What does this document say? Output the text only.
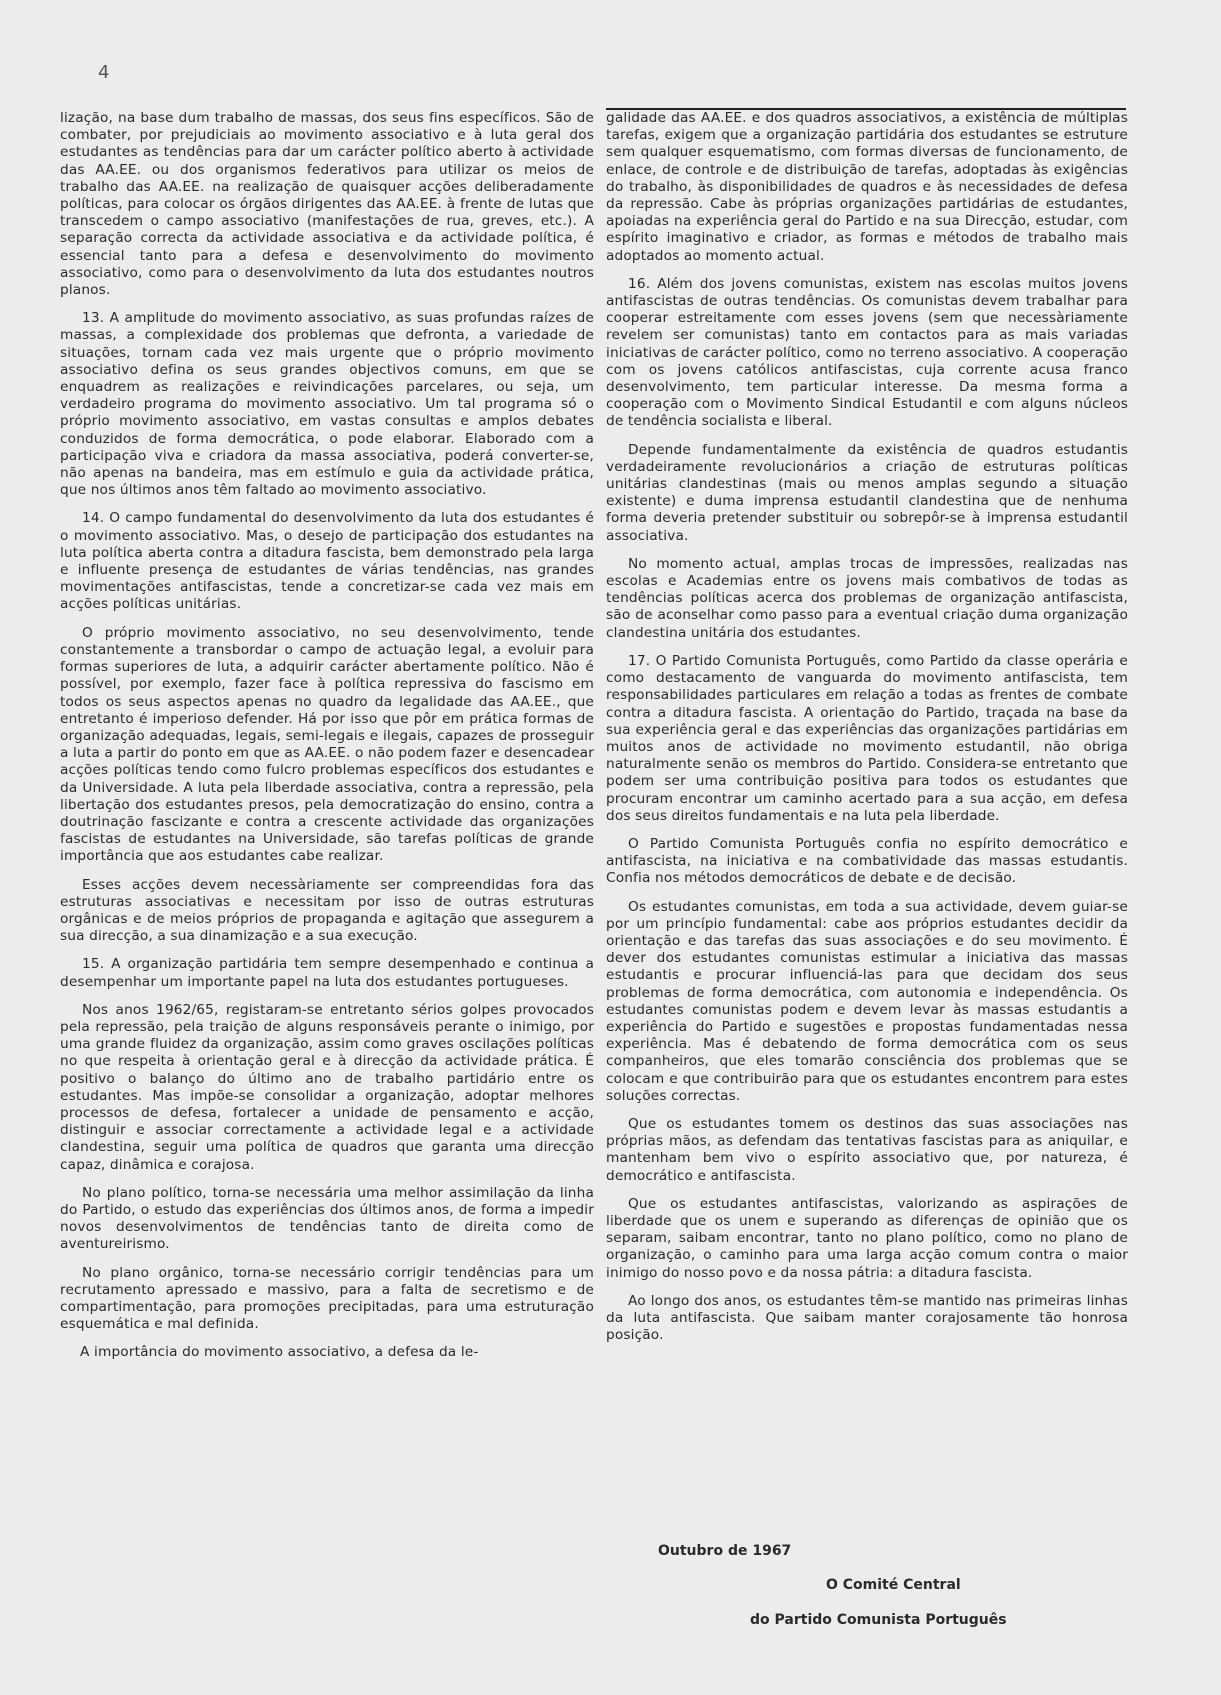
4

lização, na base dum trabalho de massas, dos seus fins específicos. São de combater, por prejudiciais ao movimento associativo e à luta geral dos estudantes as tendências para dar um carácter político aberto à actividade das AA.EE. ou dos organismos federativos para utilizar os meios de trabalho das AA.EE. na realização de quaisquer acções deliberadamente políticas, para colocar os órgãos dirigentes das AA.EE. à frente de lutas que transcedem o campo associativo (manifestações de rua, greves, etc.). A separação correcta da actividade associativa e da actividade política, é essencial tanto para a defesa e desenvolvimento do movimento associativo, como para o desenvolvimento da luta dos estudantes noutros planos.

13. A amplitude do movimento associativo, as suas profundas raízes de massas, a complexidade dos problemas que defronta, a variedade de situações, tornam cada vez mais urgente que o próprio movimento associativo defina os seus grandes objectivos comuns, em que se enquadrem as realizações e reivindicações parcelares, ou seja, um verdadeiro programa do movimento associativo. Um tal programa só o próprio movimento associativo, em vastas consultas e amplos debates conduzidos de forma democrática, o pode elaborar. Elaborado com a participação viva e criadora da massa associativa, poderá converter-se, não apenas na bandeira, mas em estímulo e guia da actividade prática, que nos últimos anos têm faltado ao movimento associativo.

14. O campo fundamental do desenvolvimento da luta dos estudantes é o movimento associativo. Mas, o desejo de participação dos estudantes na luta política aberta contra a ditadura fascista, bem demonstrado pela larga e influente presença de estudantes de várias tendências, nas grandes movimentações antifascistas, tende a concretizar-se cada vez mais em acções políticas unitárias.

O próprio movimento associativo, no seu desenvolvimento, tende constantemente a transbordar o campo de actuação legal, a evoluir para formas superiores de luta, a adquirir carácter abertamente político. Não é possível, por exemplo, fazer face à política repressiva do fascismo em todos os seus aspectos apenas no quadro da legalidade das AA.EE., que entretanto é imperioso defender. Há por isso que pôr em prática formas de organização adequadas, legais, semi-legais e ilegais, capazes de prosseguir a luta a partir do ponto em que as AA.EE. o não podem fazer e desencadear acções políticas tendo como fulcro problemas específicos dos estudantes e da Universidade. A luta pela liberdade associativa, contra a repressão, pela libertação dos estudantes presos, pela democratização do ensino, contra a doutrinação fascizante e contra a crescente actividade das organizações fascistas de estudantes na Universidade, são tarefas políticas de grande importância que aos estudantes cabe realizar.

Esses acções devem necessàriamente ser compreendidas fora das estruturas associativas e necessitam por isso de outras estruturas orgânicas e de meios próprios de propaganda e agitação que assegurem a sua direcção, a sua dinamização e a sua execução.

15. A organização partidária tem sempre desempenhado e continua a desempenhar um importante papel na luta dos estudantes portugueses.

Nos anos 1962/65, registaram-se entretanto sérios golpes provocados pela repressão, pela traição de alguns responsáveis perante o inimigo, por uma grande fluidez da organização, assim como graves oscilações políticas no que respeita à orientação geral e à direcção da actividade prática. É positivo o balanço do último ano de trabalho partidário entre os estudantes. Mas impõe-se consolidar a organização, adoptar melhores processos de defesa, fortalecer a unidade de pensamento e acção, distinguir e associar correctamente a actividade legal e a actividade clandestina, seguir uma política de quadros que garanta uma direcção capaz, dinâmica e corajosa.

No plano político, torna-se necessária uma melhor assimilação da linha do Partido, o estudo das experiências dos últimos anos, de forma a impedir novos desenvolvimentos de tendências tanto de direita como de aventureirismo.

No plano orgânico, torna-se necessário corrigir tendências para um recrutamento apressado e massivo, para a falta de secretismo e de compartimentação, para promoções precipitadas, para uma estruturação esquemática e mal definida.

A importância do movimento associativo, a defesa da le-

galidade das AA.EE. e dos quadros associativos, a existência de múltiplas tarefas, exigem que a organização partidária dos estudantes se estruture sem qualquer esquematismo, com formas diversas de funcionamento, de enlace, de controle e de distribuição de tarefas, adoptadas às exigências do trabalho, às disponibilidades de quadros e às necessidades de defesa da repressão. Cabe às próprias organizações partidárias de estudantes, apoiadas na experiência geral do Partido e na sua Direcção, estudar, com espírito imaginativo e criador, as formas e métodos de trabalho mais adoptados ao momento actual.

16. Além dos jovens comunistas, existem nas escolas muitos jovens antifascistas de outras tendências. Os comunistas devem trabalhar para cooperar estreitamente com esses jovens (sem que necessàriamente revelem ser comunistas) tanto em contactos para as mais variadas iniciativas de carácter político, como no terreno associativo. A cooperação com os jovens católicos antifascistas, cuja corrente acusa franco desenvolvimento, tem particular interesse. Da mesma forma a cooperação com o Movimento Sindical Estudantil e com alguns núcleos de tendência socialista e liberal.

Depende fundamentalmente da existência de quadros estudantis verdadeiramente revolucionários a criação de estruturas políticas unitárias clandestinas (mais ou menos amplas segundo a situação existente) e duma imprensa estudantil clandestina que de nenhuma forma deveria pretender substituir ou sobrepôr-se à imprensa estudantil associativa.

No momento actual, amplas trocas de impressões, realizadas nas escolas e Academias entre os jovens mais combativos de todas as tendências políticas acerca dos problemas de organização antifascista, são de aconselhar como passo para a eventual criação duma organização clandestina unitária dos estudantes.

17. O Partido Comunista Português, como Partido da classe operária e como destacamento de vanguarda do movimento antifascista, tem responsabilidades particulares em relação a todas as frentes de combate contra a ditadura fascista. A orientação do Partido, traçada na base da sua experiência geral e das experiências das organizações partidárias em muitos anos de actividade no movimento estudantil, não obriga naturalmente senão os membros do Partido. Considera-se entretanto que podem ser uma contribuição positiva para todos os estudantes que procuram encontrar um caminho acertado para a sua acção, em defesa dos seus direitos fundamentais e na luta pela liberdade.

O Partido Comunista Português confia no espírito democrático e antifascista, na iniciativa e na combatividade das massas estudantis. Confia nos métodos democráticos de debate e de decisão.

Os estudantes comunistas, em toda a sua actividade, devem guiar-se por um princípio fundamental: cabe aos próprios estudantes decidir da orientação e das tarefas das suas associações e do seu movimento. É dever dos estudantes comunistas estimular a iniciativa das massas estudantis e procurar influenciá-las para que decidam dos seus problemas de forma democrática, com autonomia e independência. Os estudantes comunistas podem e devem levar às massas estudantis a experiência do Partido e sugestões e propostas fundamentadas nessa experiência. Mas é debatendo de forma democrática com os seus companheiros, que eles tomarão consciência dos problemas que se colocam e que contribuirão para que os estudantes encontrem para estes soluções correctas.

Que os estudantes tomem os destinos das suas associações nas próprias mãos, as defendam das tentativas fascistas para as aniquilar, e mantenham bem vivo o espírito associativo que, por natureza, é democrático e antifascista.

Que os estudantes antifascistas, valorizando as aspirações de liberdade que os unem e superando as diferenças de opinião que os separam, saibam encontrar, tanto no plano político, como no plano de organização, o caminho para uma larga acção comum contra o maior inimigo do nosso povo e da nossa pátria: a ditadura fascista.

Ao longo dos anos, os estudantes têm-se mantido nas primeiras linhas da luta antifascista. Que saibam manter corajosamente tão honrosa posição.

Outubro de 1967
O Comité Central
do Partido Comunista Português
